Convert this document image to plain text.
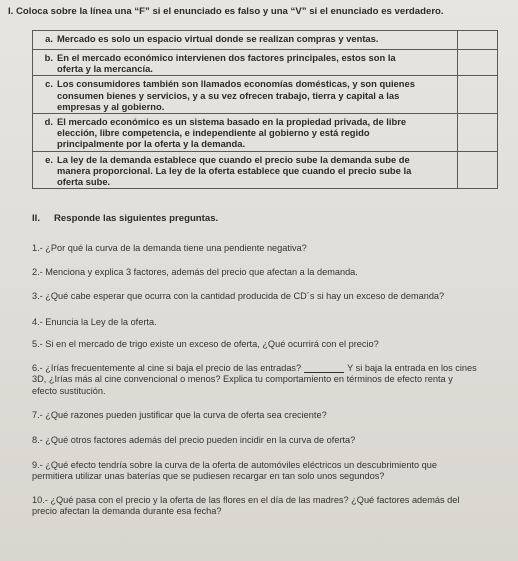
I. Coloca sobre la línea una “F” si el enunciado es falso y una “V” si el enunciado es verdadero.
a. Mercado es solo un espacio virtual donde se realizan compras y ventas.	

b. En el mercado económico intervienen dos factores principales, estos son la
oferta y la mercancía.	

c. Los consumidores también son llamados economías domésticas, y son quienes
consumen bienes y servicios, y a su vez ofrecen trabajo, tierra y capital a las
empresas y al gobierno.	

d. El mercado económico es un sistema basado en la propiedad privada, de libre
elección, libre competencia, e independiente al gobierno y está regido
principalmente por la oferta y la demanda.	

e. La ley de la demanda establece que cuando el precio sube la demanda sube de
manera proporcional. La ley de la oferta establece que cuando el precio sube la
oferta sube.	

II. Responde las siguientes preguntas.
1.- ¿Por qué la curva de la demanda tiene una pendiente negativa?
2.- Menciona y explica 3 factores, además del precio que afectan a la demanda.
3.- ¿Qué cabe esperar que ocurra con la cantidad producida de CD´s si hay un exceso de demanda?
4.- Enuncia la Ley de la oferta.
5.- Si en el mercado de trigo existe un exceso de oferta, ¿Qué ocurrirá con el precio?
6.- ¿Irías frecuentemente al cine si baja el precio de las entradas?	Y si baja la entrada en los cines
3D, ¿Irías más al cine convencional o menos? Explica tu comportamiento en términos de efecto renta y
efecto sustitución.
7.- ¿Qué razones pueden justificar que la curva de oferta sea creciente?
8.- ¿Qué otros factores además del precio pueden incidir en la curva de oferta?
9.- ¿Qué efecto tendría sobre la curva de la oferta de automóviles eléctricos un descubrimiento que
permitiera utilizar unas baterías que se pudiesen recargar en tan solo unos segundos?
10.- ¿Qué pasa con el precio y la oferta de las flores en el día de las madres? ¿Qué factores además del
precio afectan la demanda durante esa fecha?
